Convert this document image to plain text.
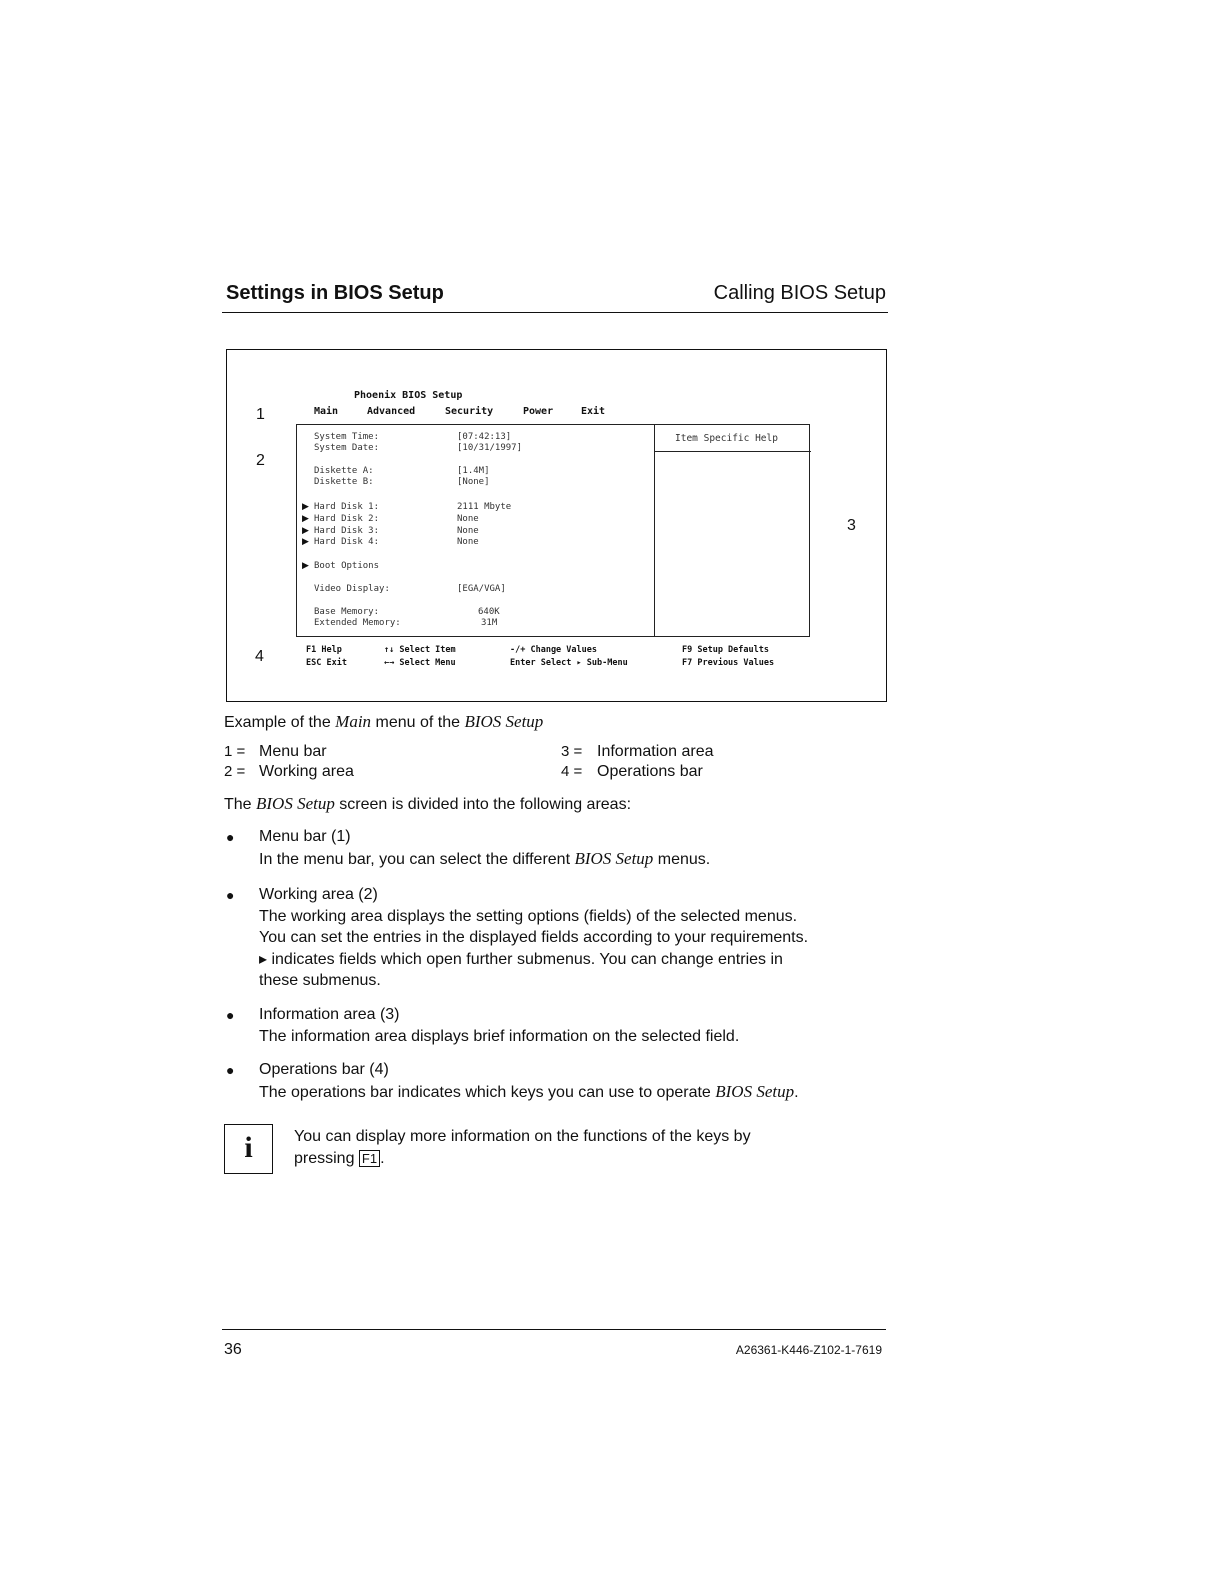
Settings in BIOS Setup	Calling BIOS Setup
1
2
3
4
Phoenix BIOS Setup
Main	Advanced	Security	Power	Exit
Item Specific Help
System Time:	[07:42:13]
System Date:	[10/31/1997]
Diskette A:	[1.4M]
Diskette B:	[None]
▶ Hard Disk 1:	2111 Mbyte
▶ Hard Disk 2:	None
▶ Hard Disk 3:	None
▶ Hard Disk 4:	None
▶ Boot Options
Video Display:	[EGA/VGA]
Base Memory:	640K
Extended Memory:	31M
F1 Help	↑↓ Select Item	-/+ Change Values	F9 Setup Defaults
ESC Exit	←→ Select Menu	Enter Select ▸ Sub-Menu	F7 Previous Values
Example of the Main menu of the BIOS Setup
1 = Menu bar	3 = Information area
2 = Working area	4 = Operations bar
The BIOS Setup screen is divided into the following areas:
● Menu bar (1)
In the menu bar, you can select the different BIOS Setup menus.
● Working area (2)
The working area displays the setting options (fields) of the selected menus.
You can set the entries in the displayed fields according to your requirements.
▸ indicates fields which open further submenus. You can change entries in
these submenus.
● Information area (3)
The information area displays brief information on the selected field.
● Operations bar (4)
The operations bar indicates which keys you can use to operate BIOS Setup.
i	You can display more information on the functions of the keys by
pressing F1 .
36	A26361-K446-Z102-1-7619
